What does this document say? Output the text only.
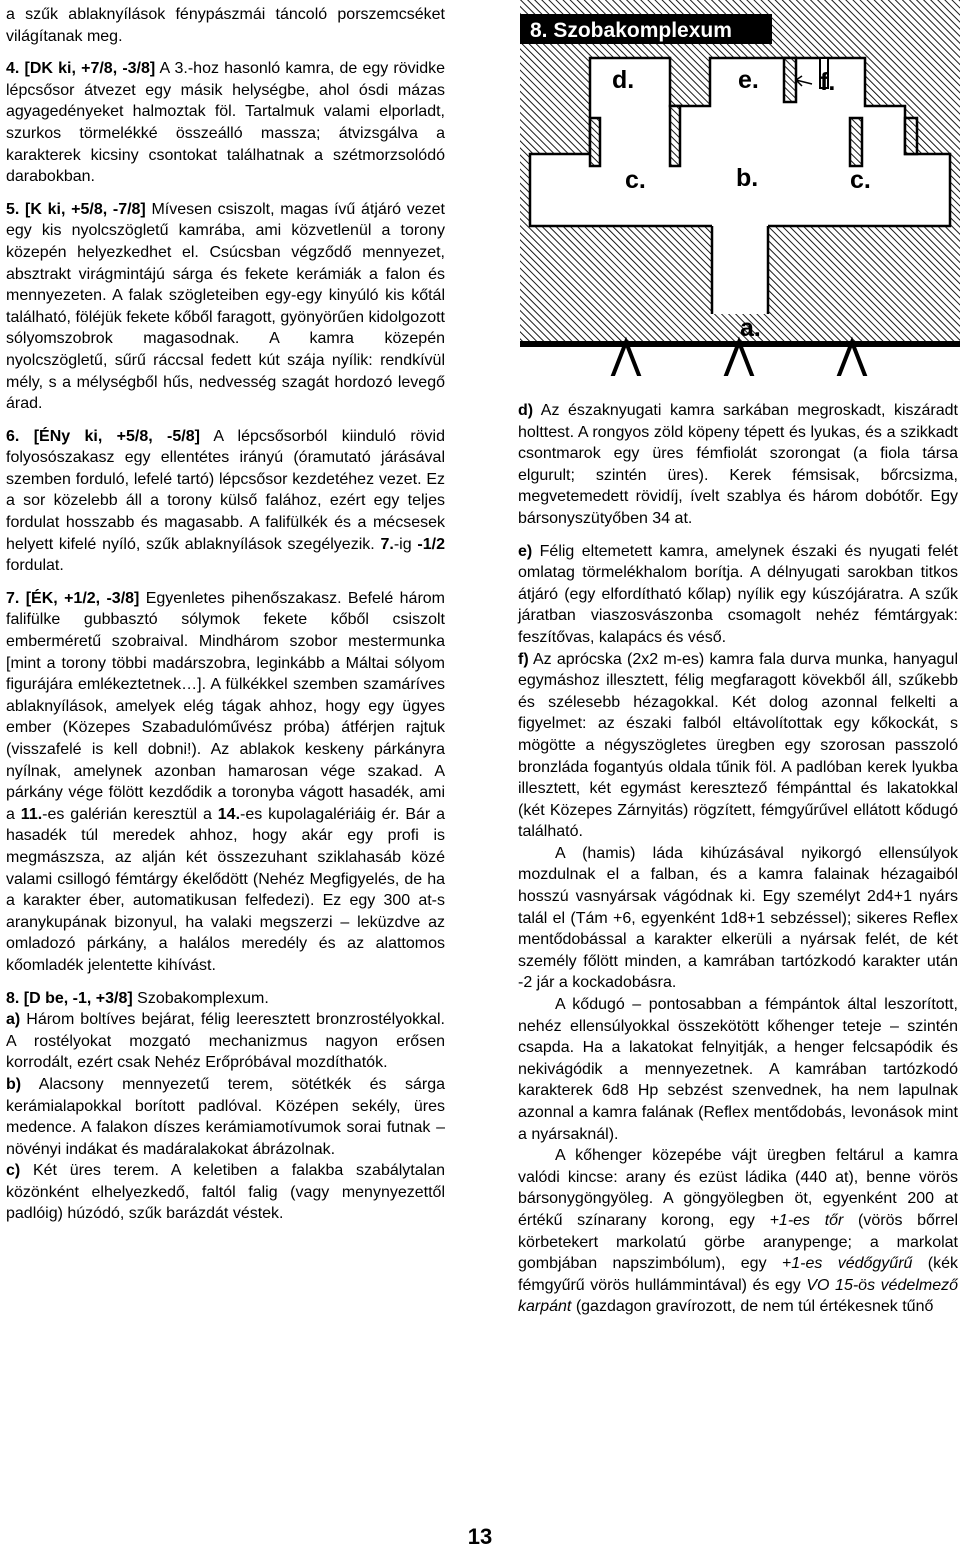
a szűk ablaknyílások fénypászmái táncoló porszemcséket világítanak meg.

4. [DK ki, +7/8, -3/8] A 3.-hoz hasonló kamra, de egy rövidke lépcsősor átvezet egy másik helységbe, ahol ósdi mázas agyagedényeket halmoztak föl. Tartalmuk valami elporladt, szurkos törmelékké összeálló massza; átvizsgálva a karakterek kicsiny csontokat találhatnak a szétmorzsolódó darabokban.

5. [K ki, +5/8, -7/8] Mívesen csiszolt, magas ívű átjáró vezet egy kis nyolcszögletű kamrába, ami közvetlenül a torony közepén helyezkedhet el. Csúcsban végződő mennyezet, absztrakt virágmintájú sárga és fekete kerámiák a falon és mennyezeten. A falak szögleteiben egy-egy kinyúló kis kőtál található, föléjük fekete kőből faragott, gyönyörűen kidolgozott sólyomszobrok magasodnak. A kamra közepén nyolcszögletű, sűrű ráccsal fedett kút szája nyílik: rendkívül mély, s a mélységből hűs, nedvesség szagát hordozó levegő árad.

6. [ÉNy ki, +5/8, -5/8] A lépcsősorból kiinduló rövid folyosószakasz egy ellentétes irányú (óramutató járásával szemben forduló, lefelé tartó) lépcsősor kezdetéhez vezet. Ez a sor közelebb áll a torony külső falához, ezért egy teljes fordulat hosszabb és magasabb. A falifülkék és a mécsesek helyett kifelé nyíló, szűk ablaknyílások szegélyezik. 7.-ig -1/2 fordulat.

7. [ÉK, +1/2, -3/8] Egyenletes pihenőszakasz. Befelé három falifülke gubbasztó sólymok fekete kőből csiszolt emberméretű szobraival. Mindhárom szobor mestermunka [mint a torony többi madárszobra, leginkább a Máltai sólyom figurájára emlékeztetnek…]. A fülkékkel szemben szamáríves ablaknyílások, amelyek elég tágak ahhoz, hogy egy ügyes ember (Közepes Szabadulóművész próba) átférjen rajtuk (visszafelé is kell dobni!). Az ablakok keskeny párkányra nyílnak, amelynek azonban hamarosan vége szakad. A párkány vége fölött kezdődik a toronyba vágott hasadék, ami a 11.-es galérián keresztül a 14.-es kupolagalériáig ér. Bár a hasadék túl meredek ahhoz, hogy akár egy profi is megmászsza, az alján két összezuhant sziklahasáb közé valami csillogó fémtárgy ékelődött (Nehéz Megfigyelés, de ha a karakter éber, automatikusan felfedezi). Ez egy 300 at-s aranykupának bizonyul, ha valaki megszerzi – leküzdve az omladozó párkány, a halálos meredély és az alattomos kőomladék jelentette kihívást.

8. [D be, -1, +3/8] Szobakomplexum.

a) Három boltíves bejárat, félig leeresztett bronzrostélyokkal. A rostélyokat mozgató mechanizmus nagyon erősen korrodált, ezért csak Nehéz Erőpróbával mozdíthatók.

b) Alacsony mennyezetű terem, sötétkék és sárga kerámialapokkal borított padlóval. Középen sekély, üres medence. A falakon díszes kerámiamotívumok sorai futnak – növényi indákat és madáralakokat ábrázolnak.

c) Két üres terem. A keletiben a falakba szabálytalan közönként elhelyezkedő, faltól falig (vagy menynyezettől padlóig) húzódó, szűk barázdát véstek.

8. Szobakomplexum
d.	e. f.
c.	b.	c.
a.

d) Az északnyugati kamra sarkában megroskadt, kiszáradt holttest. A rongyos zöld köpeny tépett és lyukas, és a szikkadt csontmarok egy üres fémfiolát szorongat (a fiola társa elgurult; szintén üres). Kerek fémsisak, bőrcsizma, megvetemedett rövidíj, ívelt szablya és három dobótőr. Egy bársonyszütyőben 34 at.

e) Félig eltemetett kamra, amelynek északi és nyugati felét omlatag törmelékhalom borítja. A délnyugati sarokban titkos átjáró (egy elfordítható kőlap) nyílik egy kúszójáratra. A szűk járatban viaszosvászonba csomagolt nehéz fémtárgyak: feszítővas, kalapács és véső.

f) Az aprócska (2x2 m-es) kamra fala durva munka, hanyagul egymáshoz illesztett, félig megfaragott kövekből áll, szűkebb és szélesebb hézagokkal. Két dolog azonnal felkelti a figyelmet: az északi falból eltávolítottak egy kőkockát, s mögötte a négyszögletes üregben egy szorosan passzoló bronzláda fogantyús oldala tűnik föl. A padlóban kerek lyukba illesztett, két egymást keresztező fémpánttal és lakatokkal (két Közepes Zárnyitás) rögzített, fémgyűrűvel ellátott kődugó található.

A (hamis) láda kihúzásával nyikorgó ellensúlyok mozdulnak el a falban, és a kamra falainak hézagaiból hosszú vasnyársak vágódnak ki. Egy személyt 2d4+1 nyárs talál el (Tám +6, egyenként 1d8+1 sebzéssel); sikeres Reflex mentődobással a karakter elkerüli a nyársak felét, de két személy főlött minden, a kamrában tartózkodó karakter után -2 jár a kockadobásra.

A kődugó – pontosabban a fémpántok által leszorított, nehéz ellensúlyokkal összekötött kőhenger teteje – szintén csapda. Ha a lakatokat felnyitják, a henger felcsapódik és nekivágódik a mennyezetnek. A kamrában tartózkodó karakterek 6d8 Hp sebzést szenvednek, ha nem lapulnak azonnal a kamra falának (Reflex mentődobás, levonások mint a nyársaknál).

A kőhenger közepébe vájt üregben feltárul a kamra valódi kincse: arany és ezüst ládika (440 at), benne vörös bársonygöngyöleg. A göngyölegben öt, egyenként 200 at értékű színarany korong, egy +1-es tőr (vörös bőrrel körbetekert markolatú görbe aranypenge; a markolat gombjában napszimbólum), egy +1-es védőgyűrű (kék fémgyűrű vörös hullámmintával) és egy VO 15-ös védelmező karpánt (gazdagon gravírozott, de nem túl értékesnek tűnő

13
